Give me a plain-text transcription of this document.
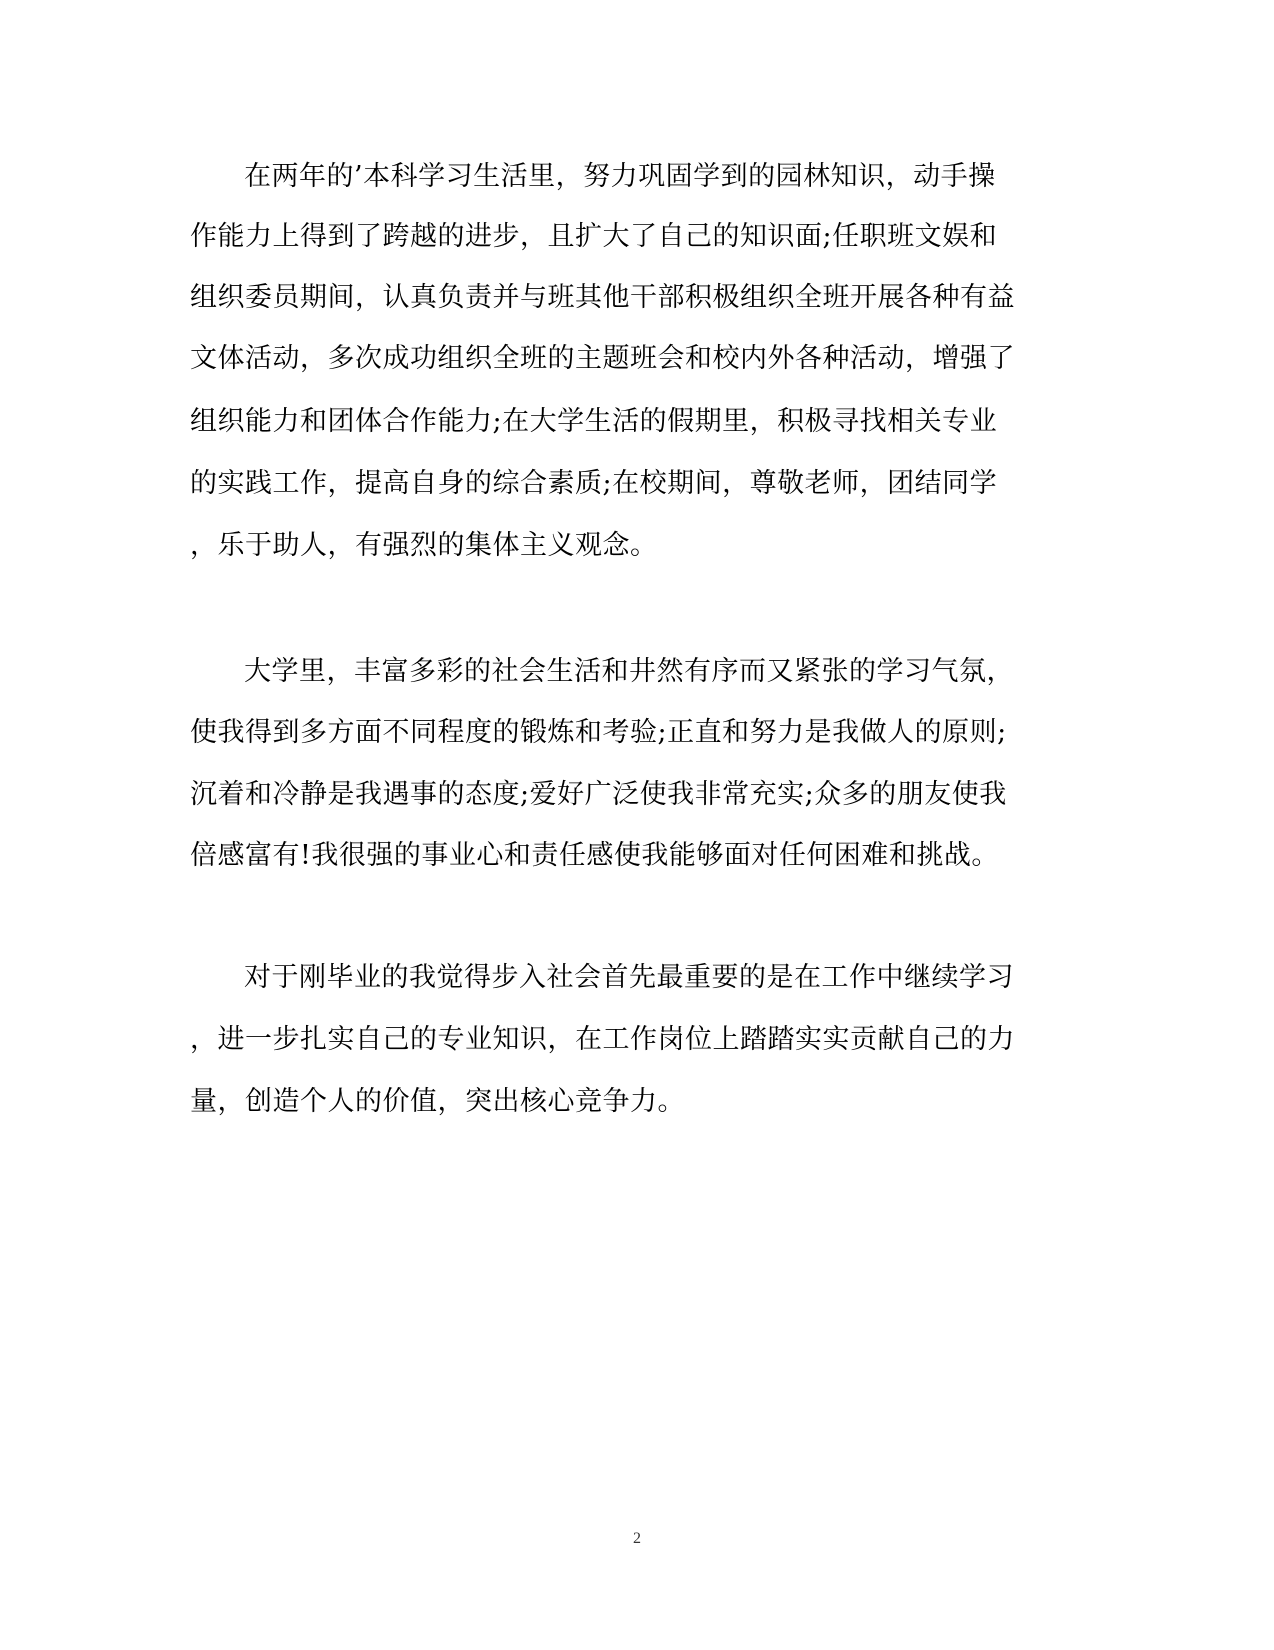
在两年的’本科学习生活里，努力巩固学到的园林知识，动手操
作能力上得到了跨越的进步，且扩大了自己的知识面;任职班文娱和
组织委员期间，认真负责并与班其他干部积极组织全班开展各种有益
文体活动，多次成功组织全班的主题班会和校内外各种活动，增强了
组织能力和团体合作能力;在大学生活的假期里，积极寻找相关专业
的实践工作，提高自身的综合素质;在校期间，尊敬老师，团结同学
，乐于助人，有强烈的集体主义观念。
大学里，丰富多彩的社会生活和井然有序而又紧张的学习气氛，
使我得到多方面不同程度的锻炼和考验;正直和努力是我做人的原则;
沉着和冷静是我遇事的态度;爱好广泛使我非常充实;众多的朋友使我
倍感富有!我很强的事业心和责任感使我能够面对任何困难和挑战。
对于刚毕业的我觉得步入社会首先最重要的是在工作中继续学习
，进一步扎实自己的专业知识，在工作岗位上踏踏实实贡献自己的力
量，创造个人的价值，突出核心竞争力。
2
